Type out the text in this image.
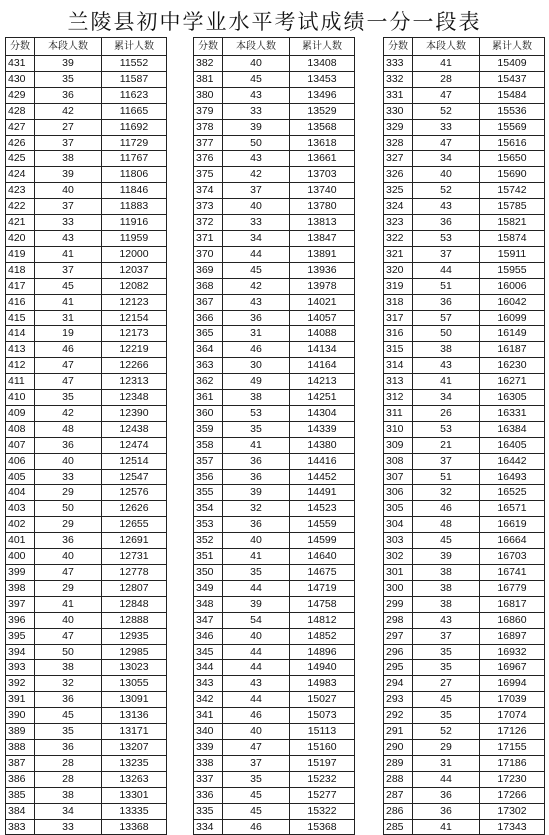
兰陵县初中学业水平考试成绩一分一段表
分数	本段人数	累计人数
431	39	11552
430	35	11587
429	36	11623
428	42	11665
427	27	11692
426	37	11729
425	38	11767
424	39	11806
423	40	11846
422	37	11883
421	33	11916
420	43	11959
419	41	12000
418	37	12037
417	45	12082
416	41	12123
415	31	12154
414	19	12173
413	46	12219
412	47	12266
411	47	12313
410	35	12348
409	42	12390
408	48	12438
407	36	12474
406	40	12514
405	33	12547
404	29	12576
403	50	12626
402	29	12655
401	36	12691
400	40	12731
399	47	12778
398	29	12807
397	41	12848
396	40	12888
395	47	12935
394	50	12985
393	38	13023
392	32	13055
391	36	13091
390	45	13136
389	35	13171
388	36	13207
387	28	13235
386	28	13263
385	38	13301
384	34	13335
383	33	13368
分数	本段人数	累计人数
382	40	13408
381	45	13453
380	43	13496
379	33	13529
378	39	13568
377	50	13618
376	43	13661
375	42	13703
374	37	13740
373	40	13780
372	33	13813
371	34	13847
370	44	13891
369	45	13936
368	42	13978
367	43	14021
366	36	14057
365	31	14088
364	46	14134
363	30	14164
362	49	14213
361	38	14251
360	53	14304
359	35	14339
358	41	14380
357	36	14416
356	36	14452
355	39	14491
354	32	14523
353	36	14559
352	40	14599
351	41	14640
350	35	14675
349	44	14719
348	39	14758
347	54	14812
346	40	14852
345	44	14896
344	44	14940
343	43	14983
342	44	15027
341	46	15073
340	40	15113
339	47	15160
338	37	15197
337	35	15232
336	45	15277
335	45	15322
334	46	15368
分数	本段人数	累计人数
333	41	15409
332	28	15437
331	47	15484
330	52	15536
329	33	15569
328	47	15616
327	34	15650
326	40	15690
325	52	15742
324	43	15785
323	36	15821
322	53	15874
321	37	15911
320	44	15955
319	51	16006
318	36	16042
317	57	16099
316	50	16149
315	38	16187
314	43	16230
313	41	16271
312	34	16305
311	26	16331
310	53	16384
309	21	16405
308	37	16442
307	51	16493
306	32	16525
305	46	16571
304	48	16619
303	45	16664
302	39	16703
301	38	16741
300	38	16779
299	38	16817
298	43	16860
297	37	16897
296	35	16932
295	35	16967
294	27	16994
293	45	17039
292	35	17074
291	52	17126
290	29	17155
289	31	17186
288	44	17230
287	36	17266
286	36	17302
285	41	17343
